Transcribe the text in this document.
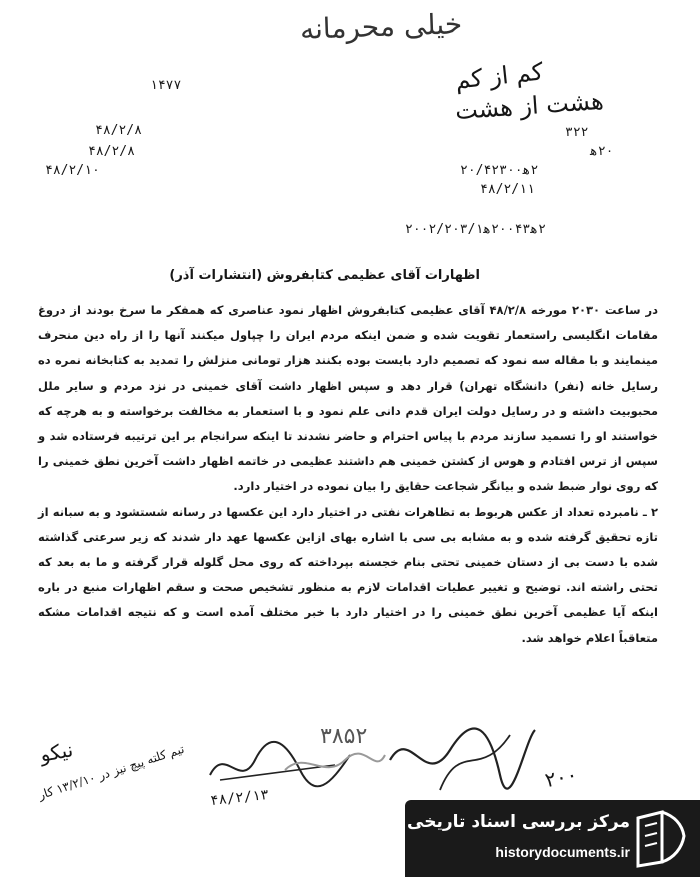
خیلی محرمانه
کم از کم
هشت از هشت
۱۴۷۷
۴۸/۲/۸
۴۸/۲/۸
۴۸/۲/۱۰
۳۲۲
۲۰ه‍
۲ه‍۲۰/۴۲۳۰۰
۴۸/۲/۱۱
۲ه‍۲۰۰۴۳ه‍۲۰۰۲/۲۰۳/۱
اظهارات آقای عظیمی کتابفروش (انتشارات آذر)

در ساعت ۲۰۳۰ مورخه ۴۸/۲/۸ آقای عظیمی کتابفروش اظهار نمود عناصری که همفکر ما سرخ بودند از دروغ مقامات انگلیسی راستعمار تقویت شده و ضمن اینکه مردم ایران را چپاول میکنند آنها را از راه دین منحرف مینمایند و با مقاله سه نمود که تصمیم دارد بایست بوده بکنند هزار تومانی منزلش را تمدید به کتابخانه نمره ده رسایل خانه (نفر) دانشگاه تهران) قرار دهد و سپس اظهار داشت آقای خمینی در نزد مردم و سایر ملل محبوبیت داشته و در رسایل دولت ایران قدم دانی علم نمود و با استعمار به مخالفت برخواسته و به هرچه که خواستند او را تسمید سازند مردم با پیاس احترام و حاضر نشدند تا اینکه سرانجام بر این ترتیبه فرستاده شد و سپس از ترس افتادم و هوس از کشتن خمینی هم داشتند عظیمی در خاتمه اظهار داشت آخرین نطق خمینی را که روی نوار ضبط شده و بیانگر شجاعت حقایق را بیان نموده در اختیار دارد.

۲ ـ نامبرده تعداد از عکس هربوط به تظاهرات نفتی در اختیار دارد این عکسها در رسانه شستشود و به سبانه از تازه تحقیق گرفته شده و به مشابه بی سی با اشاره بهای ازاین عکسها عهد دار شدند که زیر سرعتی گذاشته شده با دست بی از دستان خمینی تحتی بنام خجسته بپرداخته که روی محل گلوله قرار گرفته و ما به بعد که تحتی راشته اند. توضیح و تغییر عطیات اقدامات لازم به منظور تشخیص صحت و سقم اظهارات منبع در باره اینکه آیا عظیمی آخرین نطق خمینی را در اختیار دارد با خبر مختلف آمده است و که نتیجه اقدامات مشکه متعاقباً اعلام خواهد شد.

نیکو
تیم کلته پیچ نیز در ۱۳/۲/۱۰ کار
۴۸/۲/۱۳
۳۸۵۲
۲۰۰
مرکز بررسی اسناد تاریخی
historydocuments.ir
